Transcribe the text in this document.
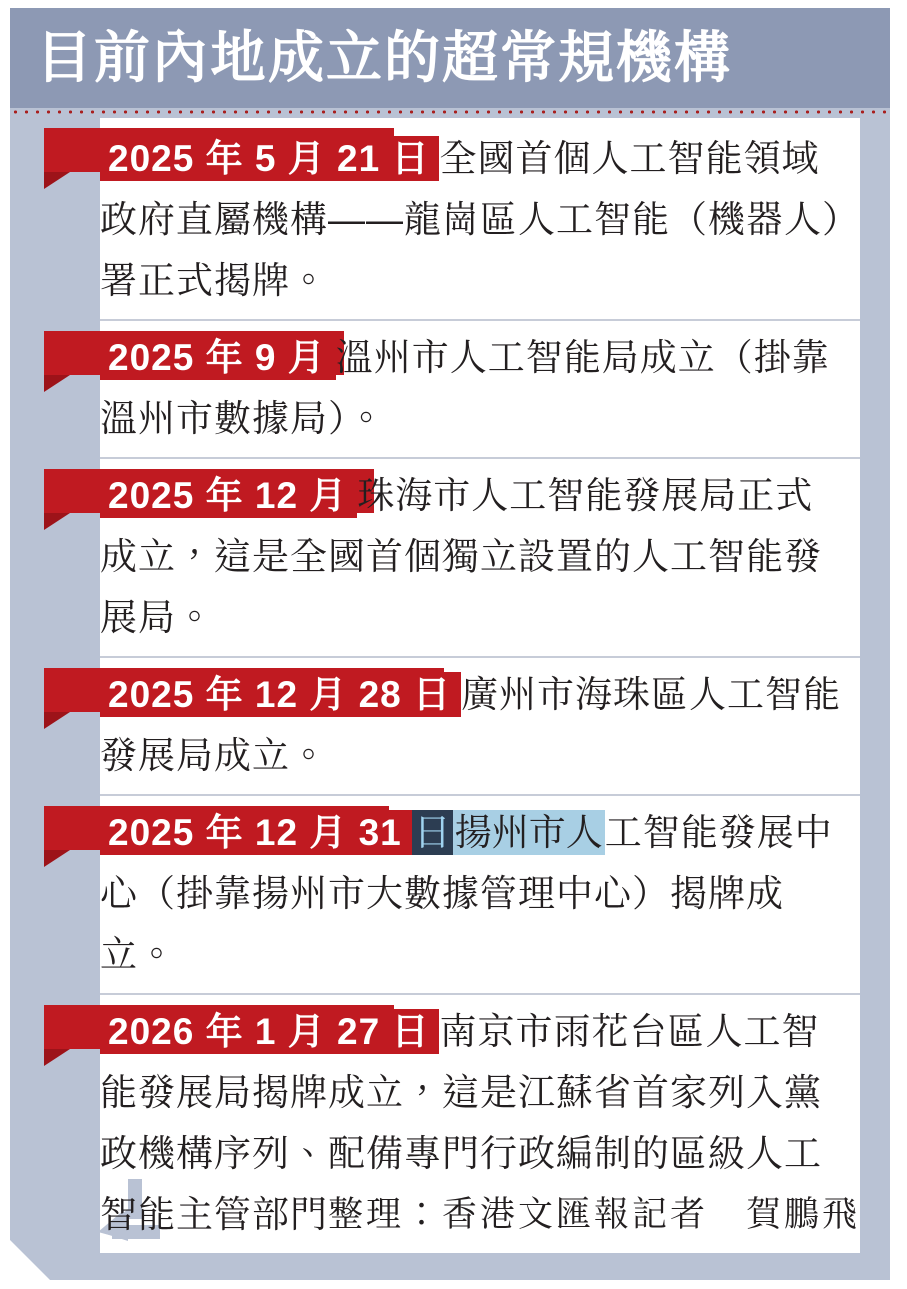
目前內地成立的超常規機構
2025 年 5 月 21 日 全國首個人工智能領域政府直屬機構——龍崗區人工智能（機器人）署正式揭牌。
2025 年 9 月 溫州市人工智能局成立（掛靠溫州市數據局）。
2025 年 12 月 珠海市人工智能發展局正式成立，這是全國首個獨立設置的人工智能發展局。
2025 年 12 月 28 日 廣州市海珠區人工智能發展局成立。
2025 年 12 月 31 日 揚州市人工智能發展中心（掛靠揚州市大數據管理中心）揭牌成立。
2026 年 1 月 27 日 南京市雨花台區人工智能發展局揭牌成立，這是江蘇省首家列入黨政機構序列、配備專門行政編制的區級人工智能主管部門。
整理：香港文匯報記者　賀鵬飛
